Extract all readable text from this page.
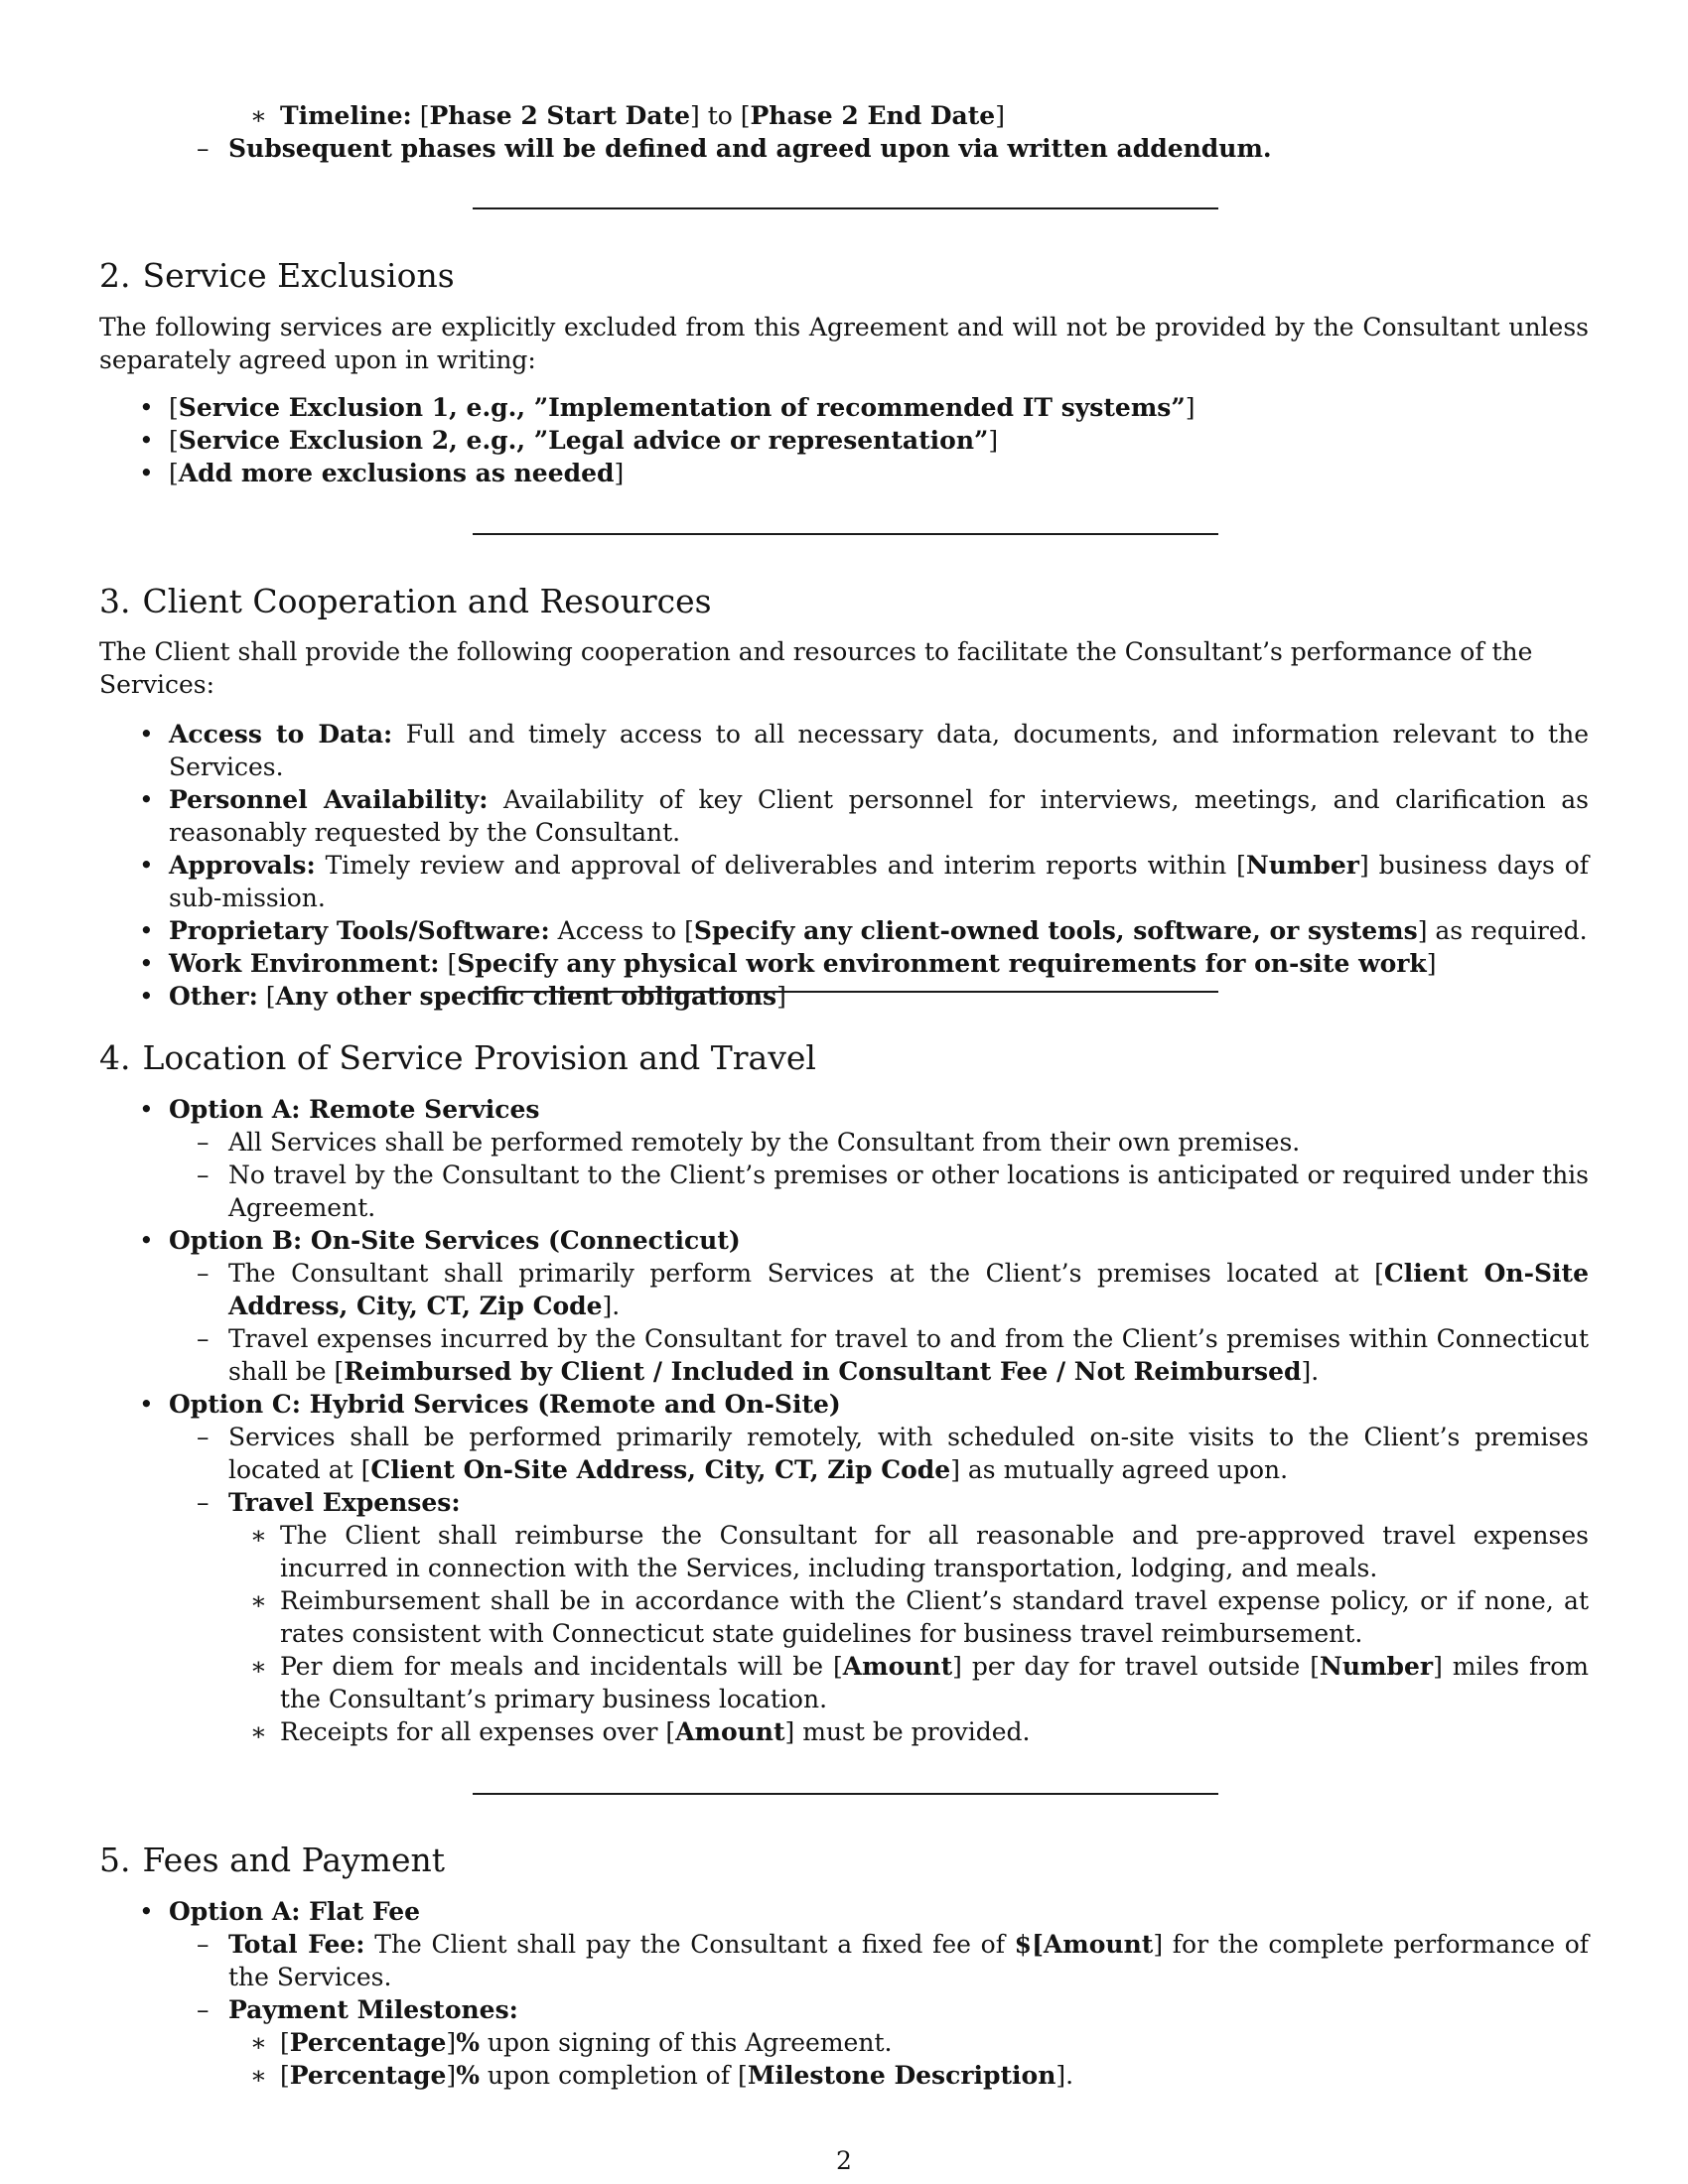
∗ Timeline: [Phase 2 Start Date] to [Phase 2 End Date]
– Subsequent phases will be defined and agreed upon via written addendum.
2. Service Exclusions

The following services are explicitly excluded from this Agreement and will not be provided by the Consultant unless separately agreed upon in writing:

• [Service Exclusion 1, e.g., ”Implementation of recommended IT systems”]
• [Service Exclusion 2, e.g., ”Legal advice or representation”]
• [Add more exclusions as needed]
3. Client Cooperation and Resources

The Client shall provide the following cooperation and resources to facilitate the Consultant’s performance of the Services:

• Access to Data: Full and timely access to all necessary data, documents, and information relevant to the Services.
• Personnel Availability: Availability of key Client personnel for interviews, meetings, and clarification as reasonably requested by the Consultant.
• Approvals: Timely review and approval of deliverables and interim reports within [Number] business days of sub-mission.
• Proprietary Tools/Software: Access to [Specify any client-owned tools, software, or systems] as required.
• Work Environment: [Specify any physical work environment requirements for on-site work]
• Other: [Any other specific client obligations]
4. Location of Service Provision and Travel
• Option A: Remote Services
– All Services shall be performed remotely by the Consultant from their own premises.
– No travel by the Consultant to the Client’s premises or other locations is anticipated or required under this Agreement.
• Option B: On-Site Services (Connecticut)
– The Consultant shall primarily perform Services at the Client’s premises located at [Client On-Site Address, City, CT, Zip Code].
– Travel expenses incurred by the Consultant for travel to and from the Client’s premises within Connecticut shall be [Reimbursed by Client / Included in Consultant Fee / Not Reimbursed].
• Option C: Hybrid Services (Remote and On-Site)
– Services shall be performed primarily remotely, with scheduled on-site visits to the Client’s premises located at [Client On-Site Address, City, CT, Zip Code] as mutually agreed upon.
– Travel Expenses:
∗ The Client shall reimburse the Consultant for all reasonable and pre-approved travel expenses incurred in connection with the Services, including transportation, lodging, and meals.
∗ Reimbursement shall be in accordance with the Client’s standard travel expense policy, or if none, at rates consistent with Connecticut state guidelines for business travel reimbursement.
∗ Per diem for meals and incidentals will be [Amount] per day for travel outside [Number] miles from the Consultant’s primary business location.
∗ Receipts for all expenses over [Amount] must be provided.
5. Fees and Payment
• Option A: Flat Fee
– Total Fee: The Client shall pay the Consultant a fixed fee of $[Amount] for the complete performance of the Services.
– Payment Milestones:
∗ [Percentage]% upon signing of this Agreement.
∗ [Percentage]% upon completion of [Milestone Description].
2
